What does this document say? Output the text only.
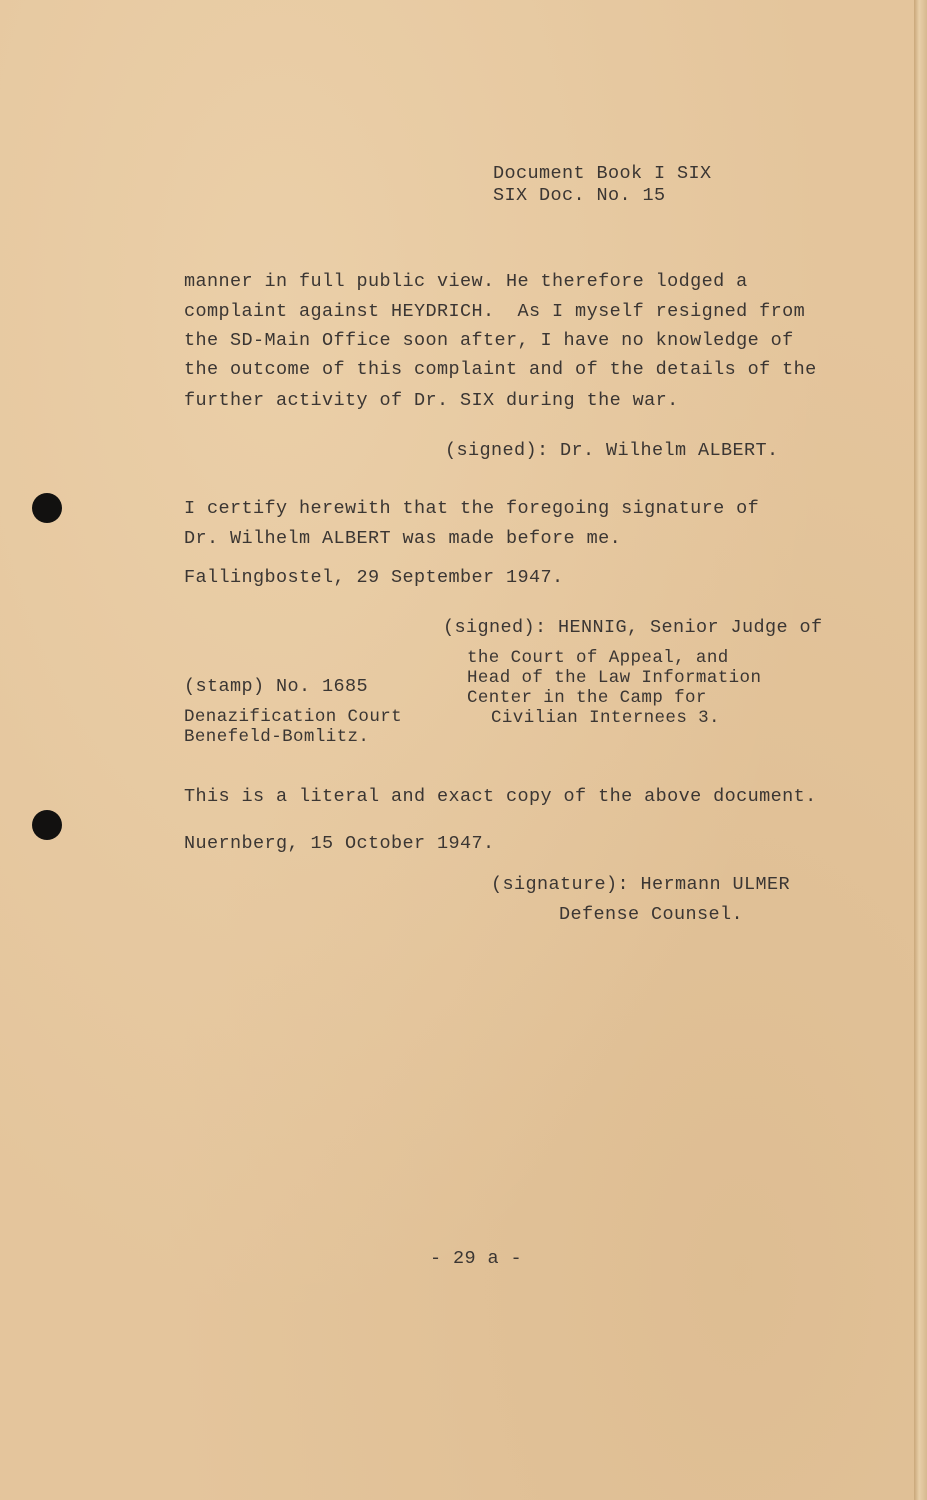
Document Book I SIX
SIX Doc. No. 15
manner in full public view. He therefore lodged a
complaint against HEYDRICH.  As I myself resigned from
the SD-Main Office soon after, I have no knowledge of
the outcome of this complaint and of the details of the
further activity of Dr. SIX during the war.
(signed): Dr. Wilhelm ALBERT.
I certify herewith that the foregoing signature of
Dr. Wilhelm ALBERT was made before me.
Fallingbostel, 29 September 1947.
(signed): HENNIG, Senior Judge of
the Court of Appeal, and
Head of the Law Information
Center in the Camp for
Civilian Internees 3.
(stamp) No. 1685
Denazification Court
Benefeld-Bomlitz.
This is a literal and exact copy of the above document.
Nuernberg, 15 October 1947.
(signature): Hermann ULMER
Defense Counsel.
- 29 a -
